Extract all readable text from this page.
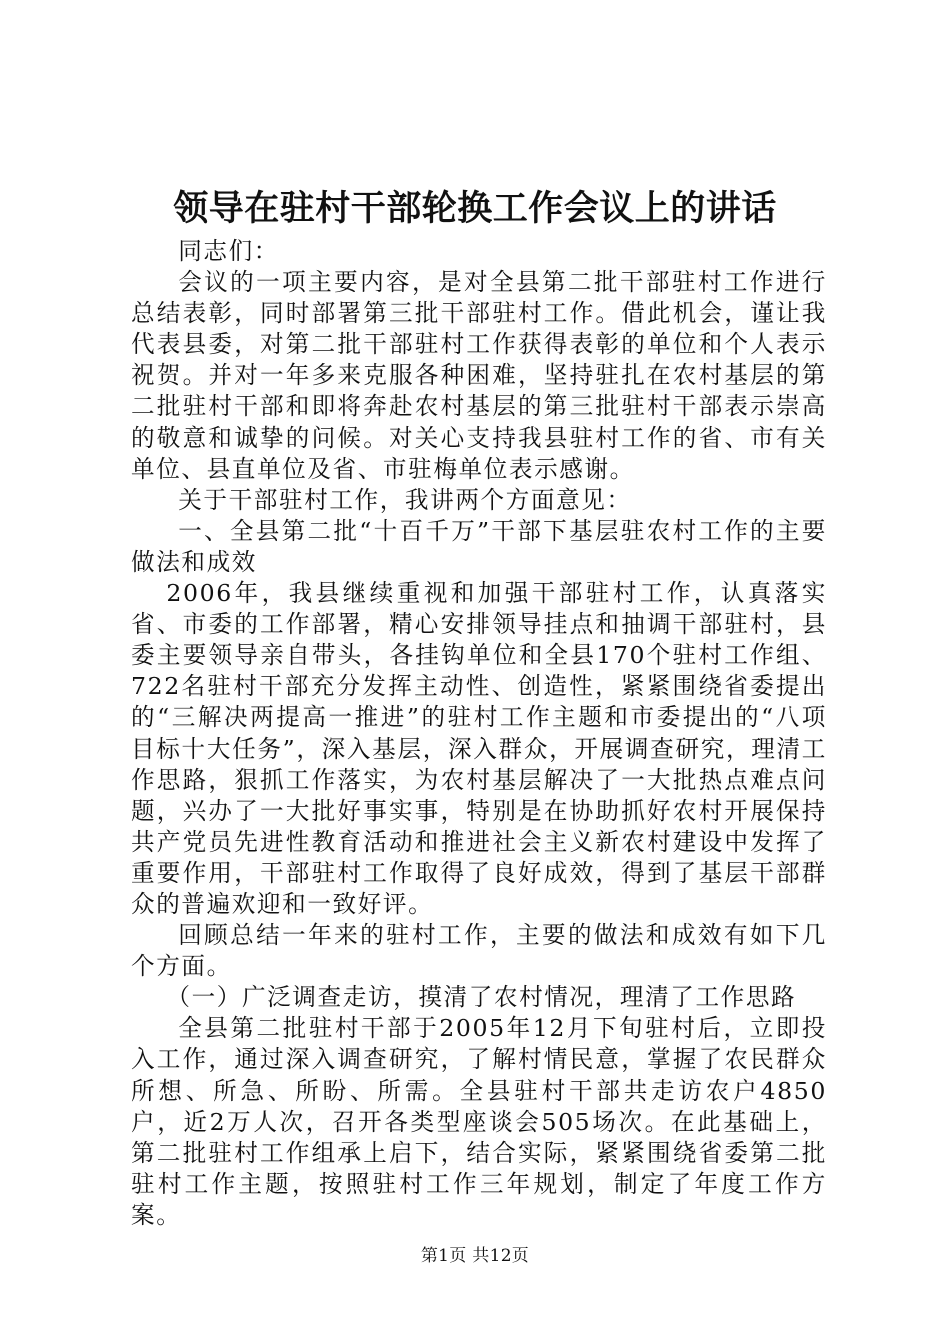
领导在驻村干部轮换工作会议上的讲话

同志们：

会议的一项主要内容，是对全县第二批干部驻村工作进行总结表彰，同时部署第三批干部驻村工作。借此机会，谨让我代表县委，对第二批干部驻村工作获得表彰的单位和个人表示祝贺。并对一年多来克服各种困难，坚持驻扎在农村基层的第二批驻村干部和即将奔赴农村基层的第三批驻村干部表示崇高的敬意和诚挚的问候。对关心支持我县驻村工作的省、市有关单位、县直单位及省、市驻梅单位表示感谢。

关于干部驻村工作，我讲两个方面意见：

一、全县第二批“十百千万”干部下基层驻农村工作的主要做法和成效

2006年，我县继续重视和加强干部驻村工作，认真落实省、市委的工作部署，精心安排领导挂点和抽调干部驻村，县委主要领导亲自带头，各挂钩单位和全县170个驻村工作组、722名驻村干部充分发挥主动性、创造性，紧紧围绕省委提出的“三解决两提高一推进”的驻村工作主题和市委提出的“八项目标十大任务”，深入基层，深入群众，开展调查研究，理清工作思路，狠抓工作落实，为农村基层解决了一大批热点难点问题，兴办了一大批好事实事，特别是在协助抓好农村开展保持共产党员先进性教育活动和推进社会主义新农村建设中发挥了重要作用，干部驻村工作取得了良好成效，得到了基层干部群众的普遍欢迎和一致好评。

回顾总结一年来的驻村工作，主要的做法和成效有如下几个方面。

（一）广泛调查走访，摸清了农村情况，理清了工作思路

全县第二批驻村干部于2005年12月下旬驻村后，立即投入工作，通过深入调查研究，了解村情民意，掌握了农民群众所想、所急、所盼、所需。全县驻村干部共走访农户4850户，近2万人次，召开各类型座谈会505场次。在此基础上，第二批驻村工作组承上启下，结合实际，紧紧围绕省委第二批驻村工作主题，按照驻村工作三年规划，制定了年度工作方案。

第1页 共12页
